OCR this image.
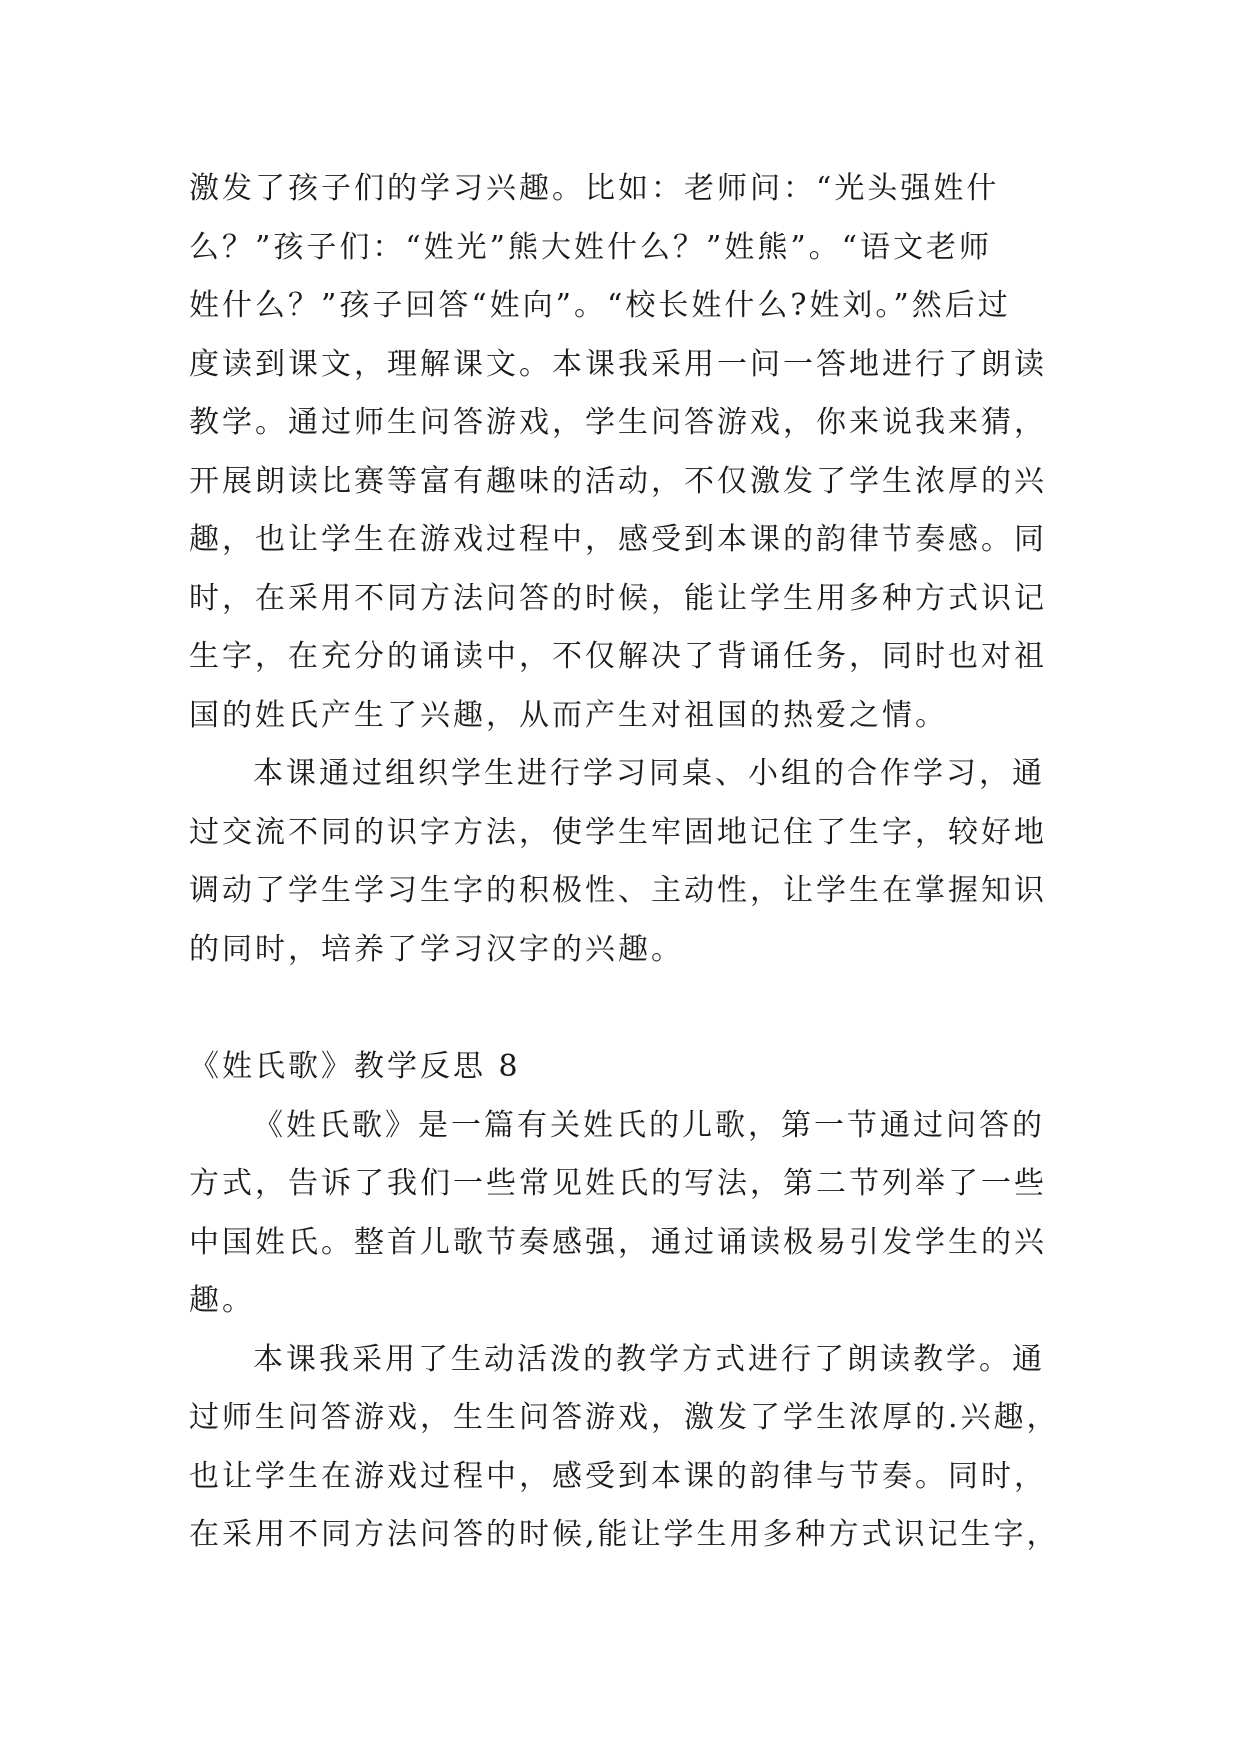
激发了孩子们的学习兴趣。比如：老师问：“光头强姓什
么？”孩子们：“姓光”熊大姓什么？”姓熊”。“语文老师
姓什么？”孩子回答“姓向”。“校长姓什么?姓刘。”然后过
度读到课文，理解课文。本课我采用一问一答地进行了朗读
教学。通过师生问答游戏，学生问答游戏，你来说我来猜，
开展朗读比赛等富有趣味的活动，不仅激发了学生浓厚的兴
趣，也让学生在游戏过程中，感受到本课的韵律节奏感。同
时，在采用不同方法问答的时候，能让学生用多种方式识记
生字，在充分的诵读中，不仅解决了背诵任务，同时也对祖
国的姓氏产生了兴趣，从而产生对祖国的热爱之情。
本课通过组织学生进行学习同桌、小组的合作学习，通
过交流不同的识字方法，使学生牢固地记住了生字，较好地
调动了学生学习生字的积极性、主动性，让学生在掌握知识
的同时，培养了学习汉字的兴趣。
《姓氏歌》教学反思 8
《姓氏歌》是一篇有关姓氏的儿歌，第一节通过问答的
方式，告诉了我们一些常见姓氏的写法，第二节列举了一些
中国姓氏。整首儿歌节奏感强，通过诵读极易引发学生的兴
趣。
本课我采用了生动活泼的教学方式进行了朗读教学。通
过师生问答游戏，生生问答游戏，激发了学生浓厚的.兴趣，
也让学生在游戏过程中，感受到本课的韵律与节奏。同时，
在采用不同方法问答的时候,能让学生用多种方式识记生字，
